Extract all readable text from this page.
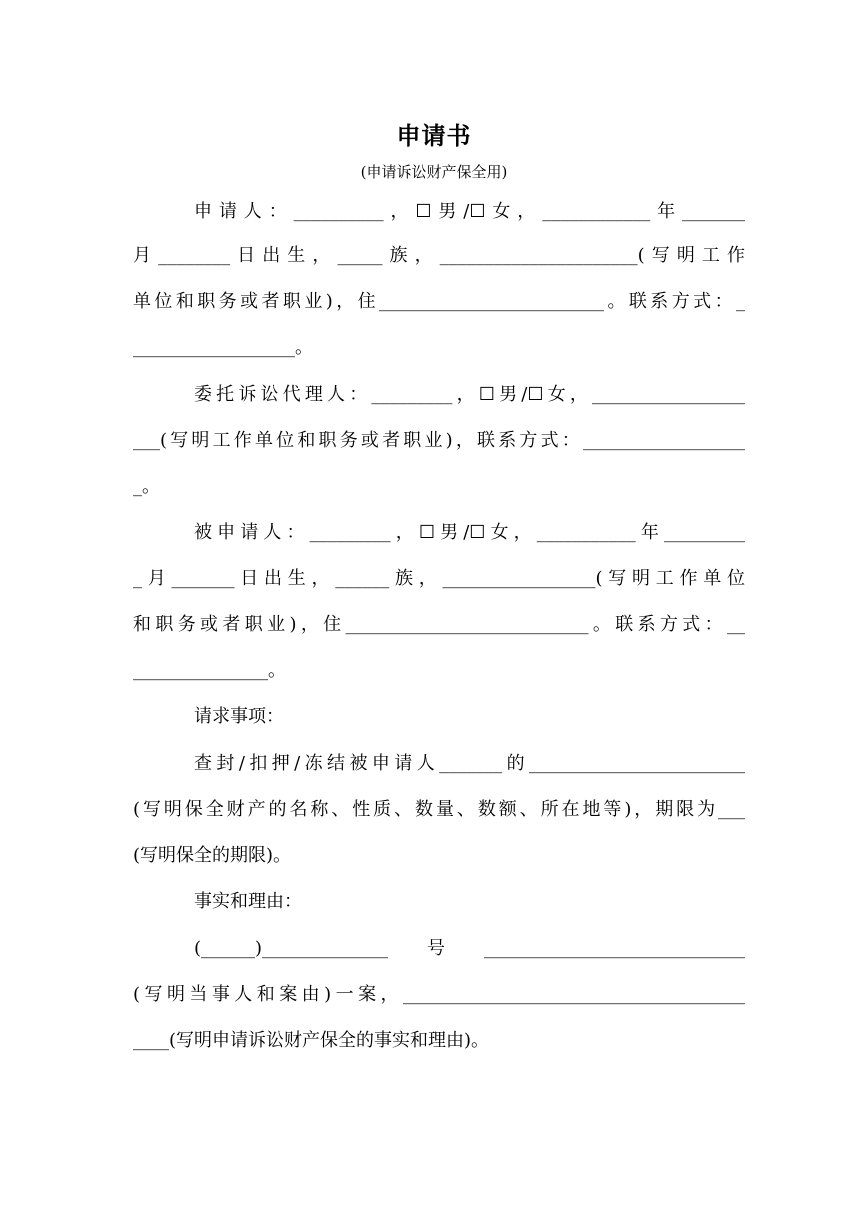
申请书
(申请诉讼财产保全用)
申请人：__________，☐男/☐女，____________年_______
月________日出生，_____族，______________________(写明工作
单位和职务或者职业)，住_________________________。联系方式：_
__________________。
委托诉讼代理人：_________，☐男/☐女，_________________
___(写明工作单位和职务或者职业)，联系方式：__________________
_。
被申请人：_________，☐男/☐女，___________年_________
_月_______日出生，______族，_________________(写明工作单位
和职务或者职业)，住___________________________。联系方式：__
_______________。
请求事项：
查封/扣押/冻结被申请人_______的________________________
(写明保全财产的名称、性质、数量、数额、所在地等)，期限为___
(写明保全的期限)。
事实和理由：
(______)______________号_____________________________
(写明当事人和案由)一案，______________________________________
____(写明申请诉讼财产保全的事实和理由)。
